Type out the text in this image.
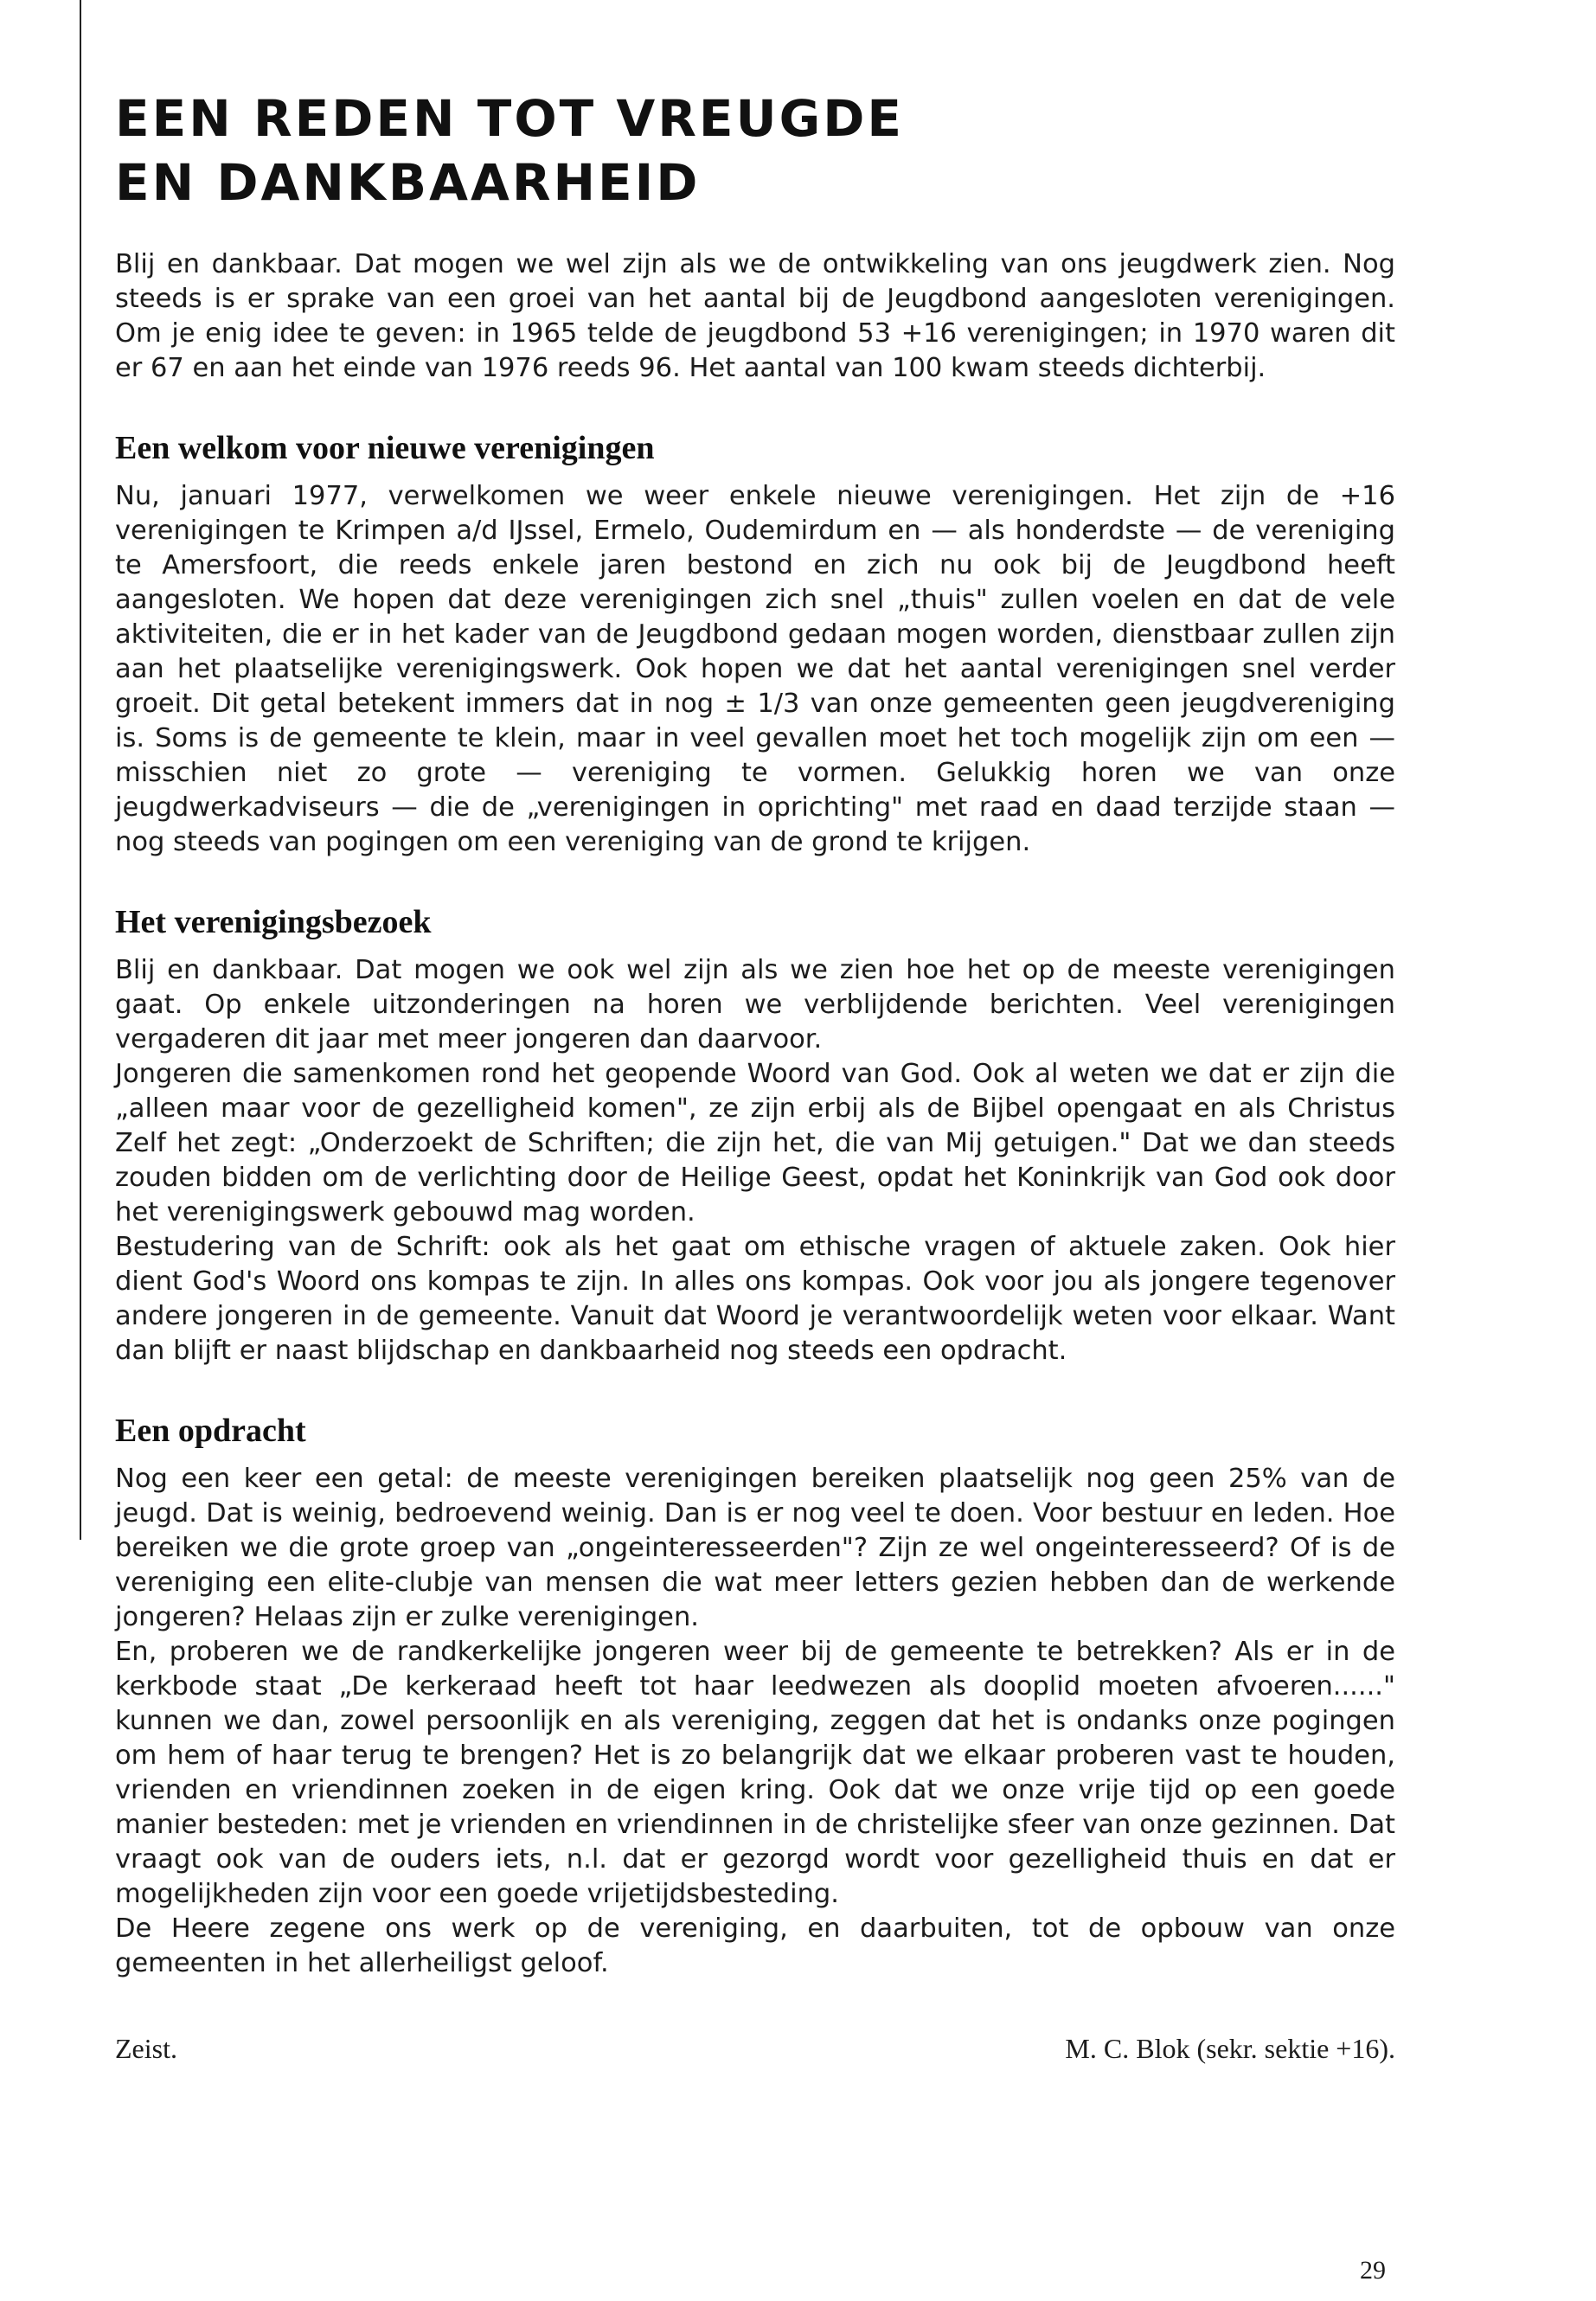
EEN REDEN TOT VREUGDE
EN DANKBAARHEID

Blij en dankbaar. Dat mogen we wel zijn als we de ontwikkeling van ons jeugdwerk zien. Nog steeds is er sprake van een groei van het aantal bij de Jeugdbond aangesloten verenigingen. Om je enig idee te geven: in 1965 telde de jeugdbond 53 +16 verenigingen; in 1970 waren dit er 67 en aan het einde van 1976 reeds 96. Het aantal van 100 kwam steeds dichterbij.

Een welkom voor nieuwe verenigingen

Nu, januari 1977, verwelkomen we weer enkele nieuwe verenigingen. Het zijn de +16 verenigingen te Krimpen a/d IJssel, Ermelo, Oudemirdum en — als honderdste — de vereniging te Amersfoort, die reeds enkele jaren bestond en zich nu ook bij de Jeugdbond heeft aangesloten. We hopen dat deze verenigingen zich snel „thuis" zullen voelen en dat de vele aktiviteiten, die er in het kader van de Jeugdbond gedaan mogen worden, dienstbaar zullen zijn aan het plaatselijke verenigingswerk. Ook hopen we dat het aantal verenigingen snel verder groeit. Dit getal betekent immers dat in nog ± 1/3 van onze gemeenten geen jeugdvereniging is. Soms is de gemeente te klein, maar in veel gevallen moet het toch mogelijk zijn om een — misschien niet zo grote — vereniging te vormen. Gelukkig horen we van onze jeugdwerkadviseurs — die de „verenigingen in oprichting" met raad en daad terzijde staan — nog steeds van pogingen om een vereniging van de grond te krijgen.

Het verenigingsbezoek

Blij en dankbaar. Dat mogen we ook wel zijn als we zien hoe het op de meeste verenigingen gaat. Op enkele uitzonderingen na horen we verblijdende berichten. Veel verenigingen vergaderen dit jaar met meer jongeren dan daarvoor.

Jongeren die samenkomen rond het geopende Woord van God. Ook al weten we dat er zijn die „alleen maar voor de gezelligheid komen", ze zijn erbij als de Bijbel opengaat en als Christus Zelf het zegt: „Onderzoekt de Schriften; die zijn het, die van Mij getuigen." Dat we dan steeds zouden bidden om de verlichting door de Heilige Geest, opdat het Koninkrijk van God ook door het verenigingswerk gebouwd mag worden.

Bestudering van de Schrift: ook als het gaat om ethische vragen of aktuele zaken. Ook hier dient God's Woord ons kompas te zijn. In alles ons kompas. Ook voor jou als jongere tegenover andere jongeren in de gemeente. Vanuit dat Woord je verantwoordelijk weten voor elkaar. Want dan blijft er naast blijdschap en dankbaarheid nog steeds een opdracht.

Een opdracht

Nog een keer een getal: de meeste verenigingen bereiken plaatselijk nog geen 25% van de jeugd. Dat is weinig, bedroevend weinig. Dan is er nog veel te doen. Voor bestuur en leden. Hoe bereiken we die grote groep van „ongeinteresseerden"? Zijn ze wel ongeinteresseerd? Of is de vereniging een elite-clubje van mensen die wat meer letters gezien hebben dan de werkende jongeren? Helaas zijn er zulke verenigingen.

En, proberen we de randkerkelijke jongeren weer bij de gemeente te betrekken? Als er in de kerkbode staat „De kerkeraad heeft tot haar leedwezen als dooplid moeten afvoeren......" kunnen we dan, zowel persoonlijk en als vereniging, zeggen dat het is ondanks onze pogingen om hem of haar terug te brengen? Het is zo belangrijk dat we elkaar proberen vast te houden, vrienden en vriendinnen zoeken in de eigen kring. Ook dat we onze vrije tijd op een goede manier besteden: met je vrienden en vriendinnen in de christelijke sfeer van onze gezinnen. Dat vraagt ook van de ouders iets, n.l. dat er gezorgd wordt voor gezelligheid thuis en dat er mogelijkheden zijn voor een goede vrijetijdsbesteding.

De Heere zegene ons werk op de vereniging, en daarbuiten, tot de opbouw van onze gemeenten in het allerheiligst geloof.

Zeist.	M. C. Blok (sekr. sektie +16).
29
